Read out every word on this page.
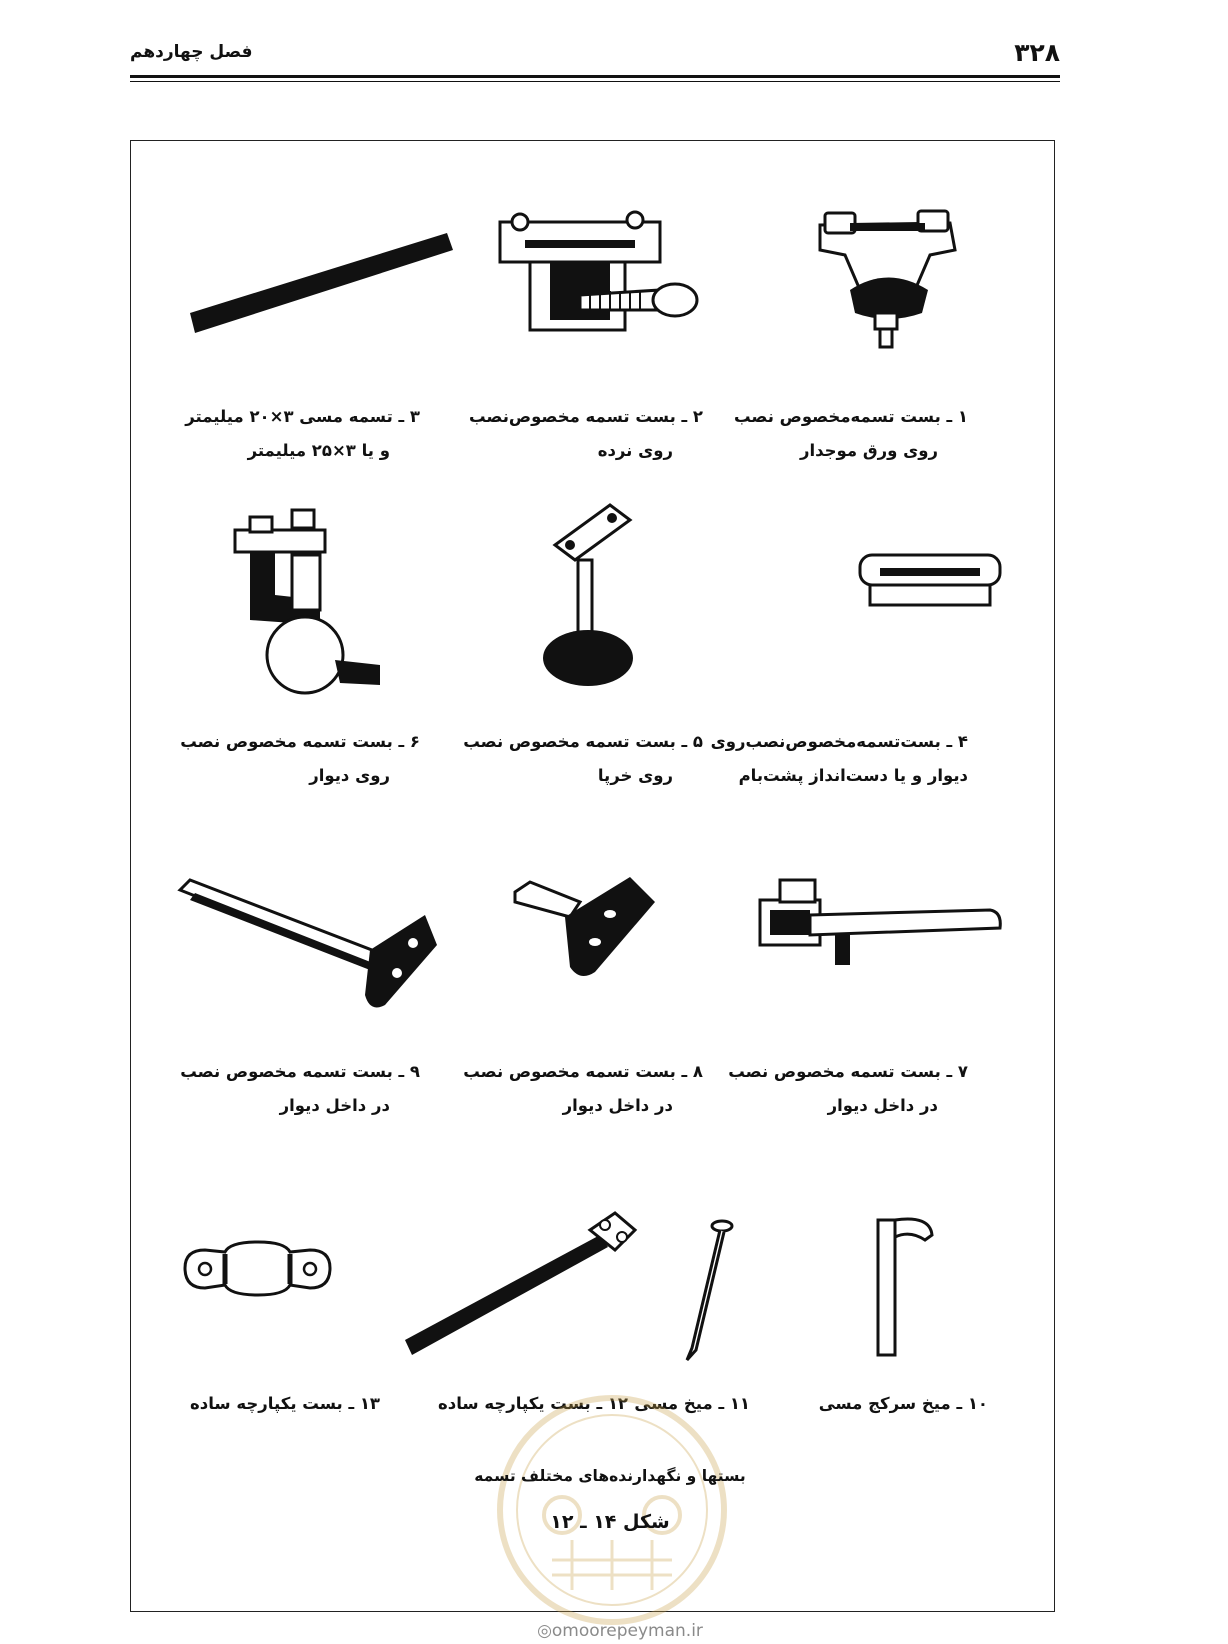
۳۲۸
فصل چهاردهم
۱ ـ بست تسمه‌مخصوص نصب
روی ورق موجدار
۲ ـ بست تسمه مخصوص‌نصب
روی نرده
۳ ـ تسمه مسی ۳×۲۰ میلیمتر
و یا ۳×۲۵ میلیمتر
۴ ـ بست‌تسمه‌مخصوص‌نصب‌روی
دیوار و یا دست‌انداز پشت‌بام
۵ ـ بست تسمه مخصوص نصب
روی خرپا
۶ ـ بست تسمه مخصوص نصب
روی دیوار
۷ ـ بست تسمه مخصوص نصب
در داخل دیوار
۸ ـ بست تسمه مخصوص نصب
در داخل دیوار
۹ ـ بست تسمه مخصوص نصب
در داخل دیوار
۱۰ ـ میخ سرکج مسی
۱۱ ـ میخ مسی
۱۲ ـ بست یکپارچه ساده
۱۳ ـ بست یکپارچه ساده
بستها و نگهدارنده‌های مختلف تسمه
شکل ۱۴ ـ ۱۲
◎omoorepeyman.ir
